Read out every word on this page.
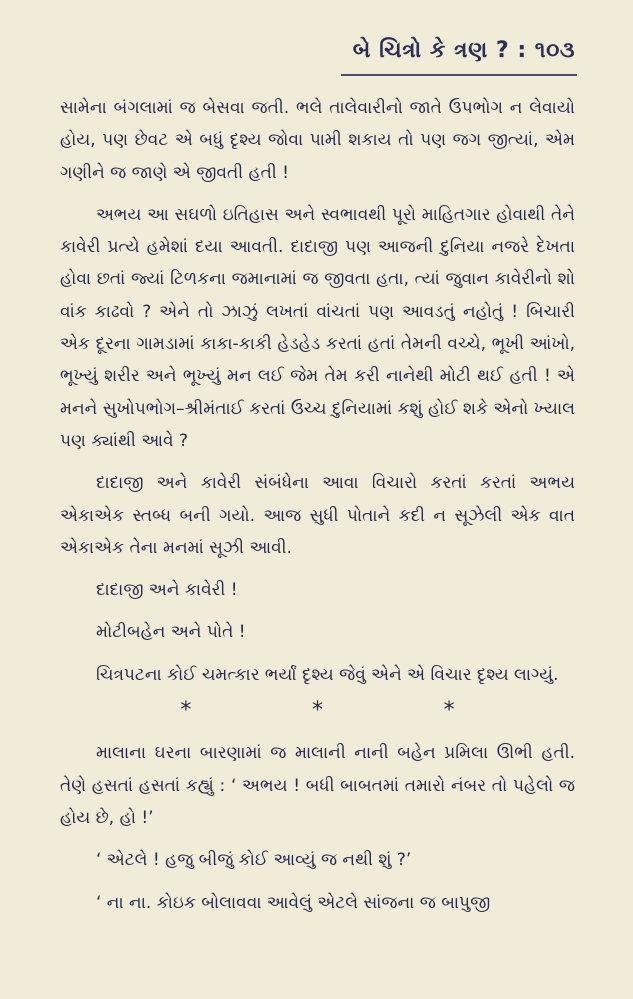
બે ચિત્રો કે ત્રણ ? : ૧૦૩

સામેના બંગલામાં જ બેસવા જતી. ભલે તાલેવારીનો જાતે ઉપભોગ ન લેવાયો હોય, પણ છેવટ એ બધું દૃશ્ય જોવા પામી શકાય તો પણ જગ જીત્યાં, એમ ગણીને જ જાણે એ જીવતી હતી !

અભય આ સઘળો ઇતિહાસ અને સ્વભાવથી પૂરો માહિતગાર હોવાથી તેને કાવેરી પ્રત્યે હમેશાં દયા આવતી. દાદાજી પણ આજની દુનિયા નજરે દેખતા હોવા છતાં જ્યાં ટિળકના જમાનામાં જ જીવતા હતા, ત્યાં જુવાન કાવેરીનો શો વાંક કાઢવો ? એને તો ઝાઝું લખતાં વાંચતાં પણ આવડતું નહોતું ! બિચારી એક દૂરના ગામડામાં કાકા-કાકી હેડહેડ કરતાં હતાં તેમની વચ્ચે, ભૂખી આંખો, ભૂખ્યું શરીર અને ભૂખ્યું મન લઈ જેમ તેમ કરી નાનેથી મોટી થઈ હતી ! એ મનને સુખોપભોગ–શ્રીમંતાઈ કરતાં ઉચ્ચ દુનિયામાં કશું હોઈ શકે એનો ખ્યાલ પણ ક્યાંથી આવે ?

દાદાજી અને કાવેરી સંબંધેના આવા વિચારો કરતાં કરતાં અભય એકાએક સ્તબ્ધ બની ગયો. આજ સુધી પોતાને કદી ન સૂઝેલી એક વાત એકાએક તેના મનમાં સૂઝી આવી.

દાદાજી અને કાવેરી !

મોટીબહેન અને પોતે !

ચિત્રપટના કોઈ ચમત્કાર ભર્યાં દૃશ્ય જેવું એને એ વિચાર દૃશ્ય લાગ્યું.

*	*	*

માલાના ઘરના બારણામાં જ માલાની નાની બહેન પ્રમિલા ઊભી હતી. તેણે હસતાં હસતાં કહ્યું : ‘ અભય ! બધી બાબતમાં તમારો નંબર તો પહેલો જ હોય છે, હો !’

‘ એટલે ! હજુ બીજું કોઈ આવ્યું જ નથી શું ?’

‘ ના ના. કોઇક બોલાવવા આવેલું એટલે સાંજના જ બાપુજી
